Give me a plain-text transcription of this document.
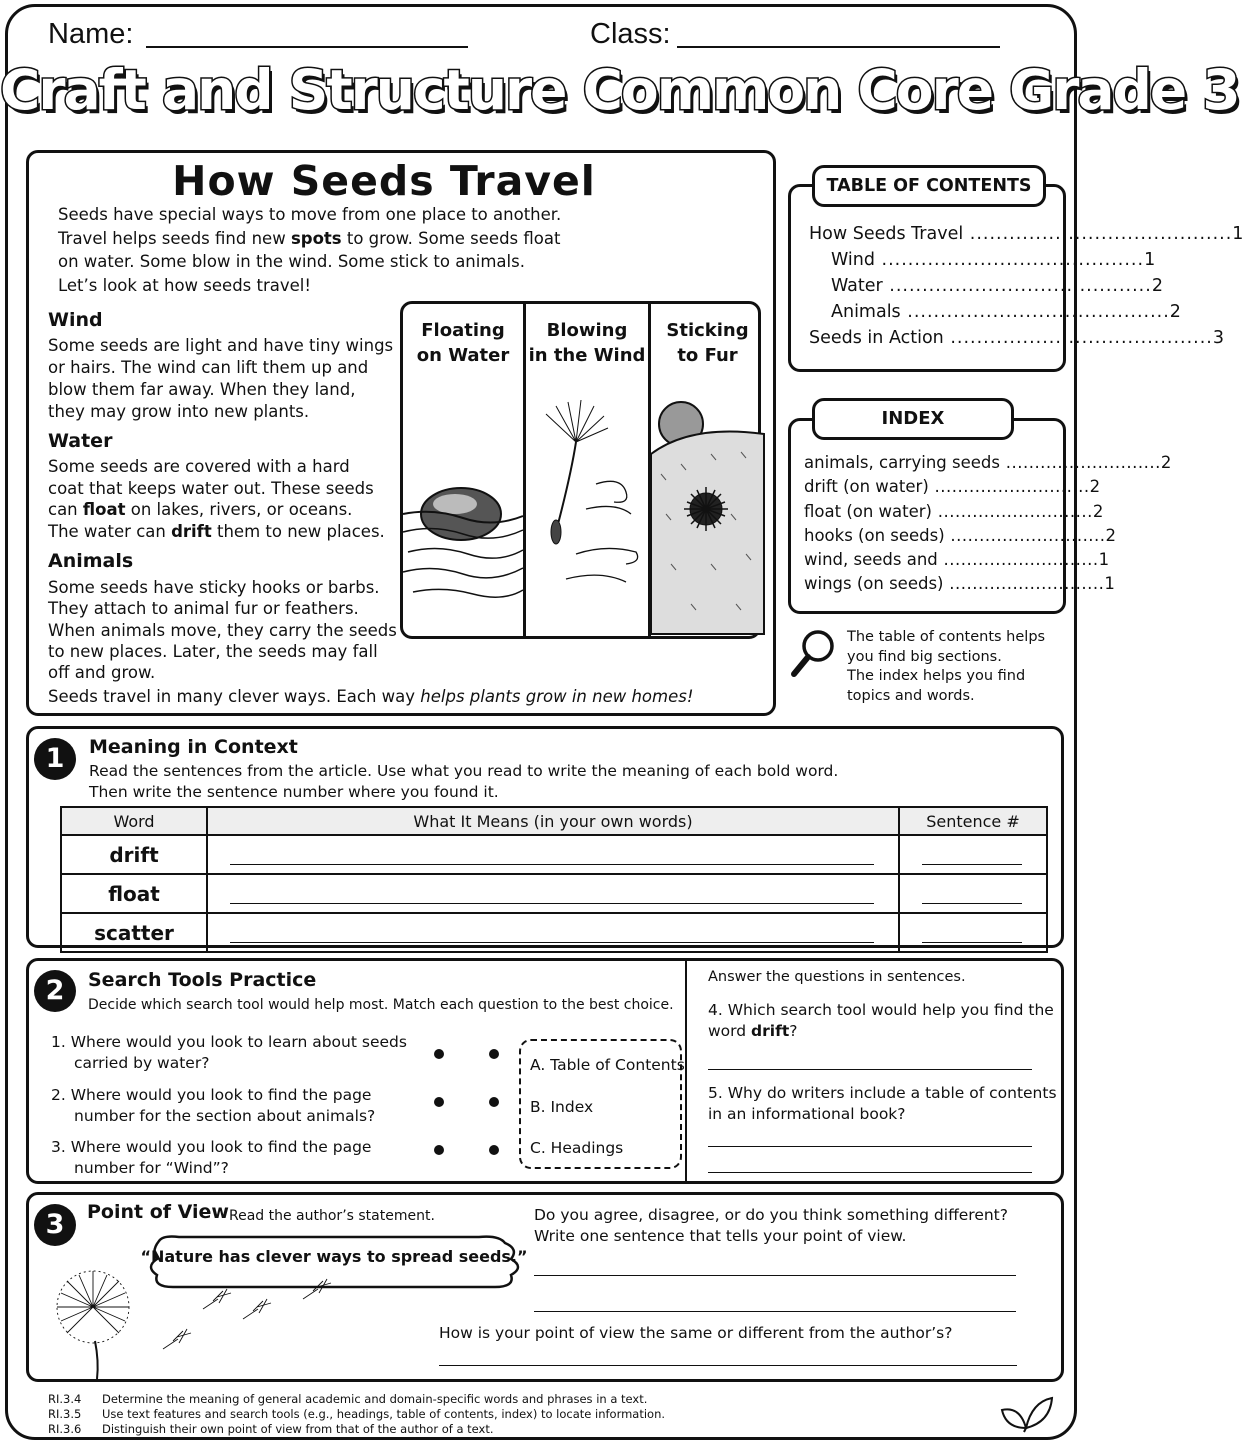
Name:	Class:
Craft and Structure Common Core Grade 3
How Seeds Travel
Seeds have special ways to move from one place to another.
Travel helps seeds find new spots to grow. Some seeds float
on water. Some blow in the wind. Some stick to animals.
Let’s look at how seeds travel!
Wind
Some seeds are light and have tiny wings
or hairs. The wind can lift them up and
blow them far away. When they land,
they may grow into new plants.
Water
Some seeds are covered with a hard
coat that keeps water out. These seeds
can float on lakes, rivers, or oceans.
The water can drift them to new places.
Animals
Some seeds have sticky hooks or barbs.
They attach to animal fur or feathers.
When animals move, they carry the seeds
to new places. Later, the seeds may fall
off and grow.
Seeds travel in many clever ways. Each way helps plants grow in new homes!
Floating
on Water
Blowing
in the Wind
Sticking
to Fur
How Seeds Travel ........................................ 1
Wind ........................................ 1
Water ........................................ 2
Animals ........................................ 2
Seeds in Action ........................................ 3
TABLE OF CONTENTS
animals, carrying seeds ........................... 2
drift (on water) ........................... 2
float (on water) ........................... 2
hooks (on seeds) ........................... 2
wind, seeds and ........................... 1
wings (on seeds) ........................... 1
INDEX
The table of contents helps
you find big sections.
The index helps you find
topics and words.
1	Meaning in Context
Read the sentences from the article. Use what you read to write the meaning of each bold word.
Then write the sentence number where you found it.
Word	What It Means (in your own words)	Sentence #
drift	

float	

scatter	

2	Search Tools Practice
Decide which search tool would help most. Match each question to the best choice.
1. Where would you look to learn about seeds
carried by water?
2. Where would you look to find the page
number for the section about animals?
3. Where would you look to find the page
number for “Wind”?
A. Table of Contents
B. Index
C. Headings
Answer the questions in sentences.
4. Which search tool would help you find the
word drift?
5. Why do writers include a table of contents
in an informational book?
3	Point of View Read the author’s statement.
“Nature has clever ways to spread seeds.”
Do you agree, disagree, or do you think something different?
Write one sentence that tells your point of view.
How is your point of view the same or different from the author’s?
RI.3.4 Determine the meaning of general academic and domain-specific words and phrases in a text.
RI.3.5 Use text features and search tools (e.g., headings, table of contents, index) to locate information.
RI.3.6 Distinguish their own point of view from that of the author of a text.
